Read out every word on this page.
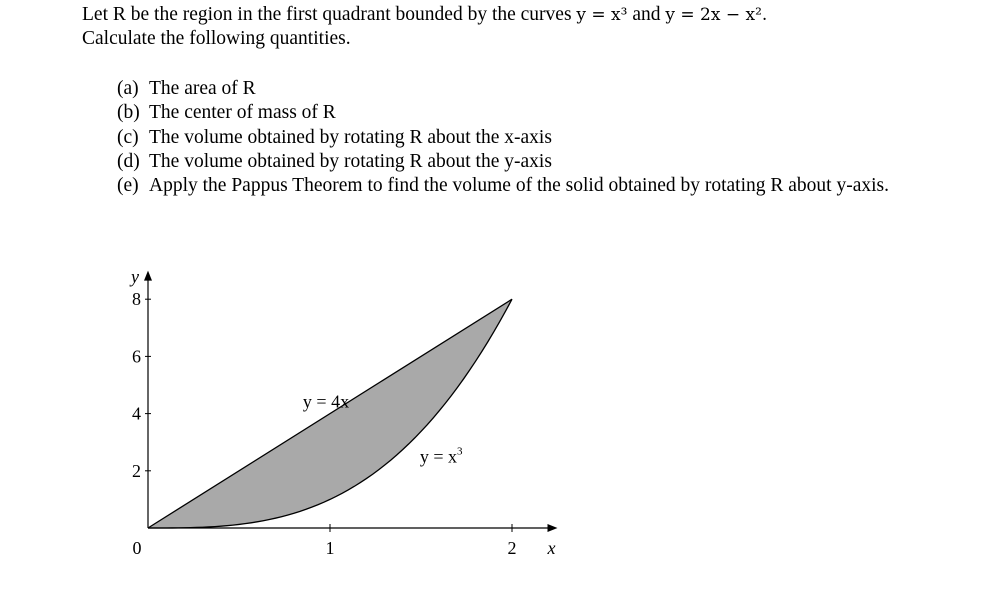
Let R be the region in the first quadrant bounded by the curves y = x³ and y = 2x − x².

Calculate the following quantities.

(a) The area of R
(b) The center of mass of R
(c) The volume obtained by rotating R about the x-axis
(d) The volume obtained by rotating R about the y-axis
(e) Apply the Pappus Theorem to find the volume of the solid obtained by rotating R about y-axis.
2
4
6
8
0	1	2 x
y
y = 4x
$y = x^3$
